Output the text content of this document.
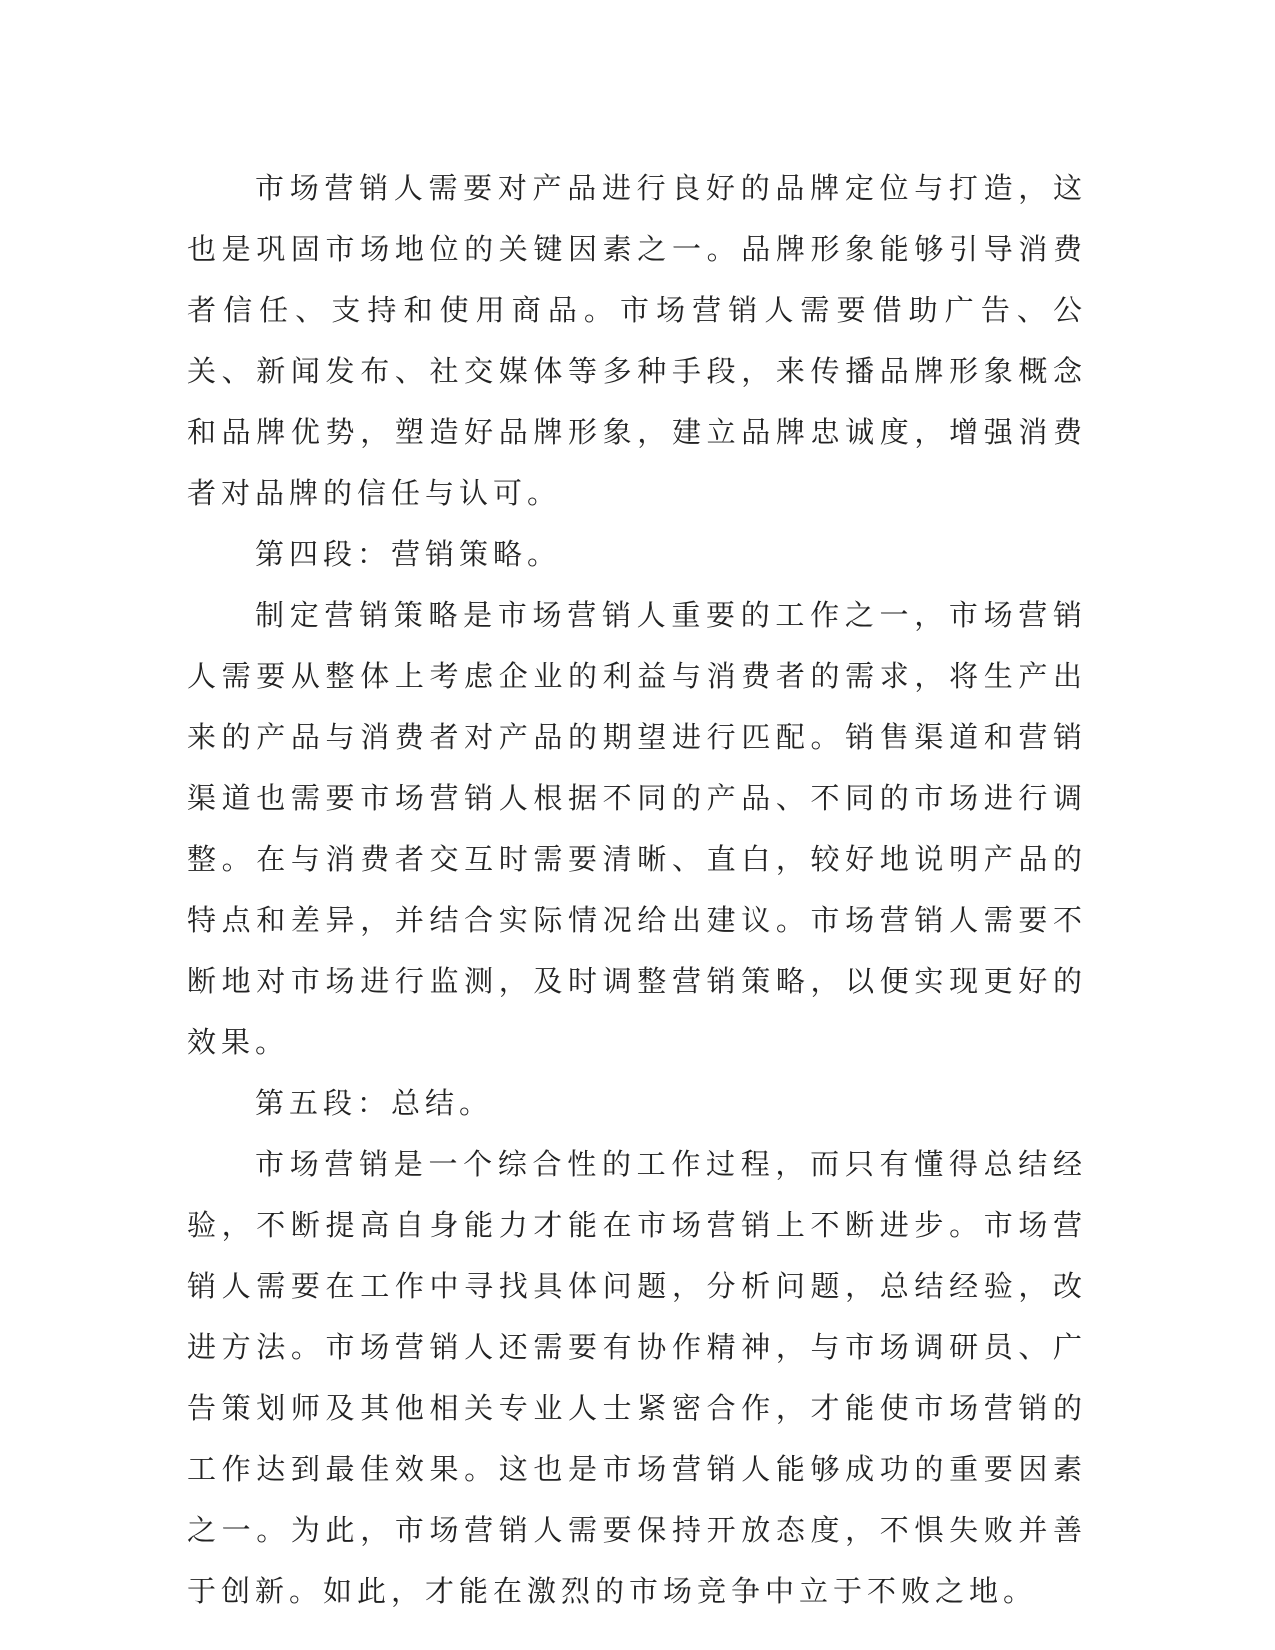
市场营销人需要对产品进行良好的品牌定位与打造，这也是巩固市场地位的关键因素之一。品牌形象能够引导消费者信任、支持和使用商品。市场营销人需要借助广告、公关、新闻发布、社交媒体等多种手段，来传播品牌形象概念和品牌优势，塑造好品牌形象，建立品牌忠诚度，增强消费者对品牌的信任与认可。

第四段：营销策略。

制定营销策略是市场营销人重要的工作之一，市场营销人需要从整体上考虑企业的利益与消费者的需求，将生产出来的产品与消费者对产品的期望进行匹配。销售渠道和营销渠道也需要市场营销人根据不同的产品、不同的市场进行调整。在与消费者交互时需要清晰、直白，较好地说明产品的特点和差异，并结合实际情况给出建议。市场营销人需要不断地对市场进行监测，及时调整营销策略，以便实现更好的效果。

第五段：总结。

市场营销是一个综合性的工作过程，而只有懂得总结经验，不断提高自身能力才能在市场营销上不断进步。市场营销人需要在工作中寻找具体问题，分析问题，总结经验，改进方法。市场营销人还需要有协作精神，与市场调研员、广告策划师及其他相关专业人士紧密合作，才能使市场营销的工作达到最佳效果。这也是市场营销人能够成功的重要因素之一。为此，市场营销人需要保持开放态度，不惧失败并善于创新。如此，才能在激烈的市场竞争中立于不败之地。
